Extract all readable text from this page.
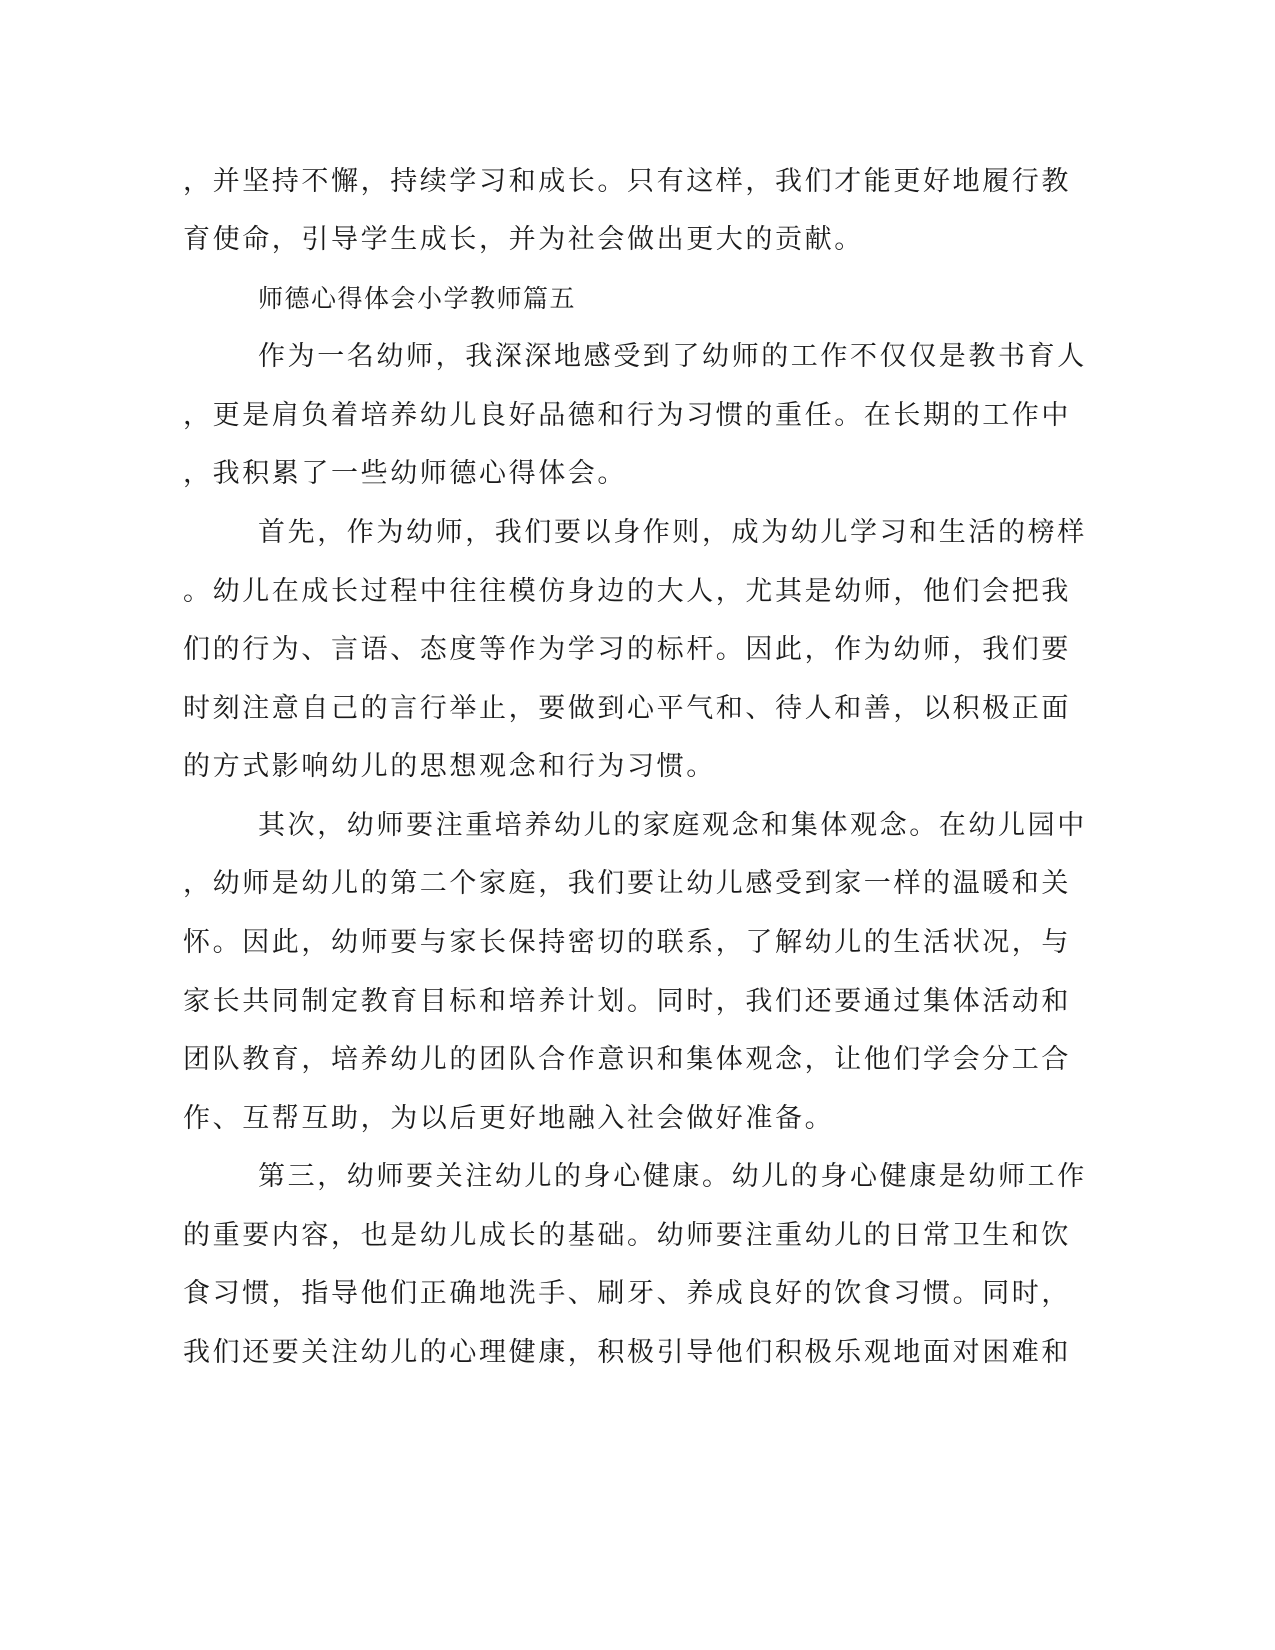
，并坚持不懈，持续学习和成长。只有这样，我们才能更好地履行教
育使命，引导学生成长，并为社会做出更大的贡献。
师德心得体会小学教师篇五
作为一名幼师，我深深地感受到了幼师的工作不仅仅是教书育人
，更是肩负着培养幼儿良好品德和行为习惯的重任。在长期的工作中
，我积累了一些幼师德心得体会。
首先，作为幼师，我们要以身作则，成为幼儿学习和生活的榜样
。幼儿在成长过程中往往模仿身边的大人，尤其是幼师，他们会把我
们的行为、言语、态度等作为学习的标杆。因此，作为幼师，我们要
时刻注意自己的言行举止，要做到心平气和、待人和善，以积极正面
的方式影响幼儿的思想观念和行为习惯。
其次，幼师要注重培养幼儿的家庭观念和集体观念。在幼儿园中
，幼师是幼儿的第二个家庭，我们要让幼儿感受到家一样的温暖和关
怀。因此，幼师要与家长保持密切的联系，了解幼儿的生活状况，与
家长共同制定教育目标和培养计划。同时，我们还要通过集体活动和
团队教育，培养幼儿的团队合作意识和集体观念，让他们学会分工合
作、互帮互助，为以后更好地融入社会做好准备。
第三，幼师要关注幼儿的身心健康。幼儿的身心健康是幼师工作
的重要内容，也是幼儿成长的基础。幼师要注重幼儿的日常卫生和饮
食习惯，指导他们正确地洗手、刷牙、养成良好的饮食习惯。同时，
我们还要关注幼儿的心理健康，积极引导他们积极乐观地面对困难和
